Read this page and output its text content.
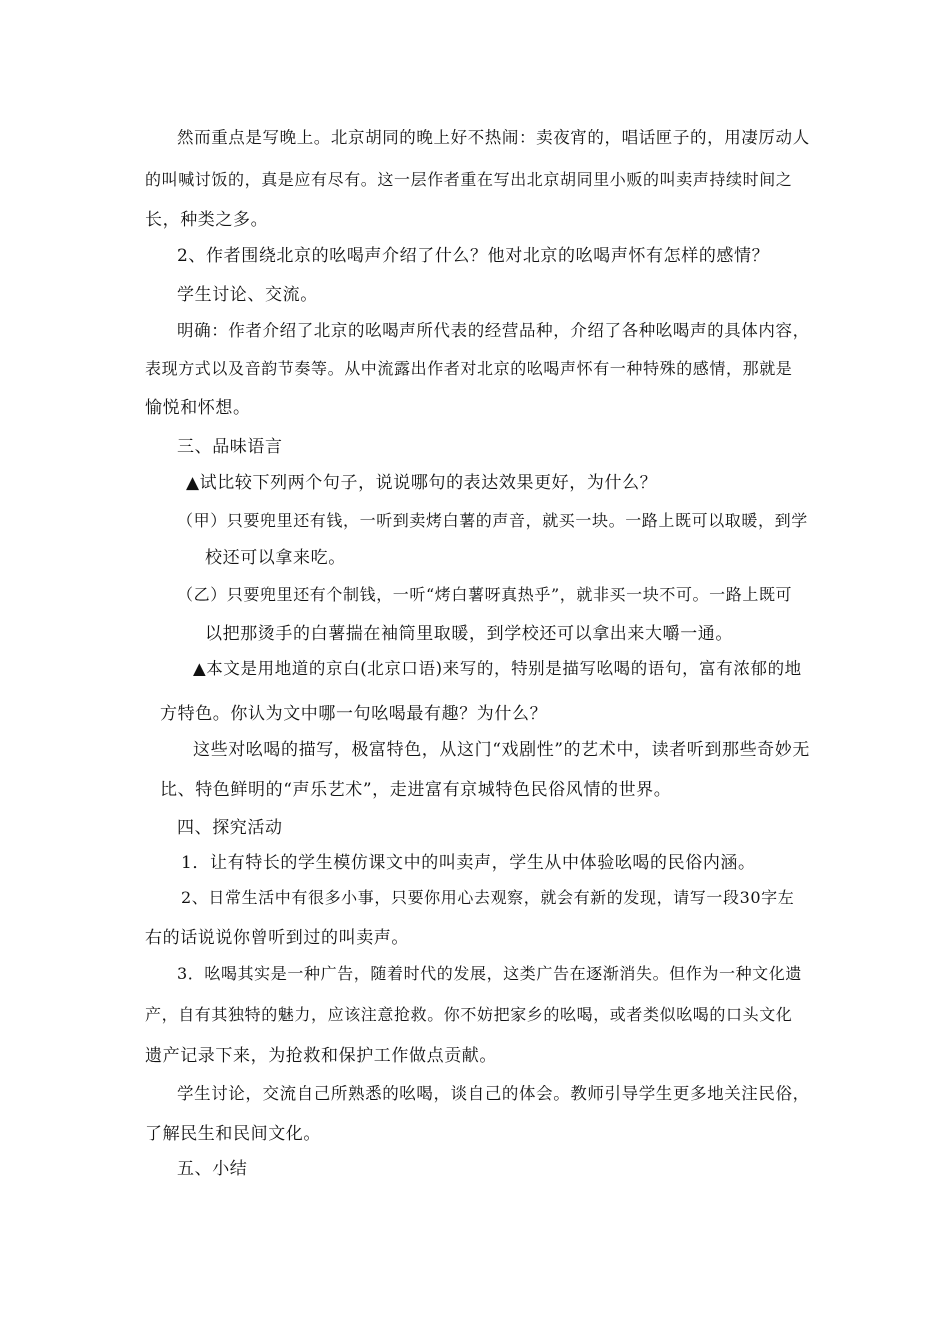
然而重点是写晚上。北京胡同的晚上好不热闹：卖夜宵的，唱话匣子的，用凄厉动人
的叫喊讨饭的，真是应有尽有。这一层作者重在写出北京胡同里小贩的叫卖声持续时间之
长，种类之多。
2、作者围绕北京的吆喝声介绍了什么？他对北京的吆喝声怀有怎样的感情？
学生讨论、交流。
明确：作者介绍了北京的吆喝声所代表的经营品种，介绍了各种吆喝声的具体内容，
表现方式以及音韵节奏等。从中流露出作者对北京的吆喝声怀有一种特殊的感情，那就是
愉悦和怀想。
三、品味语言
▲试比较下列两个句子，说说哪句的表达效果更好，为什么？
（甲）只要兜里还有钱，一听到卖烤白薯的声音，就买一块。一路上既可以取暖，到学
校还可以拿来吃。
（乙）只要兜里还有个制钱，一听“烤白薯呀真热乎”，就非买一块不可。一路上既可
以把那烫手的白薯揣在袖筒里取暖，到学校还可以拿出来大嚼一通。
▲本文是用地道的京白(北京口语)来写的，特别是描写吆喝的语句，富有浓郁的地
方特色。你认为文中哪一句吆喝最有趣？为什么？
这些对吆喝的描写，极富特色，从这门“戏剧性”的艺术中，读者听到那些奇妙无
比、特色鲜明的“声乐艺术”，走进富有京城特色民俗风情的世界。
四、探究活动
1．让有特长的学生模仿课文中的叫卖声，学生从中体验吆喝的民俗内涵。
2、日常生活中有很多小事，只要你用心去观察，就会有新的发现，请写一段30字左
右的话说说你曾听到过的叫卖声。
3．吆喝其实是一种广告，随着时代的发展，这类广告在逐渐消失。但作为一种文化遗
产，自有其独特的魅力，应该注意抢救。你不妨把家乡的吆喝，或者类似吆喝的口头文化
遗产记录下来，为抢救和保护工作做点贡献。
学生讨论，交流自己所熟悉的吆喝，谈自己的体会。教师引导学生更多地关注民俗，
了解民生和民间文化。
五、小结
